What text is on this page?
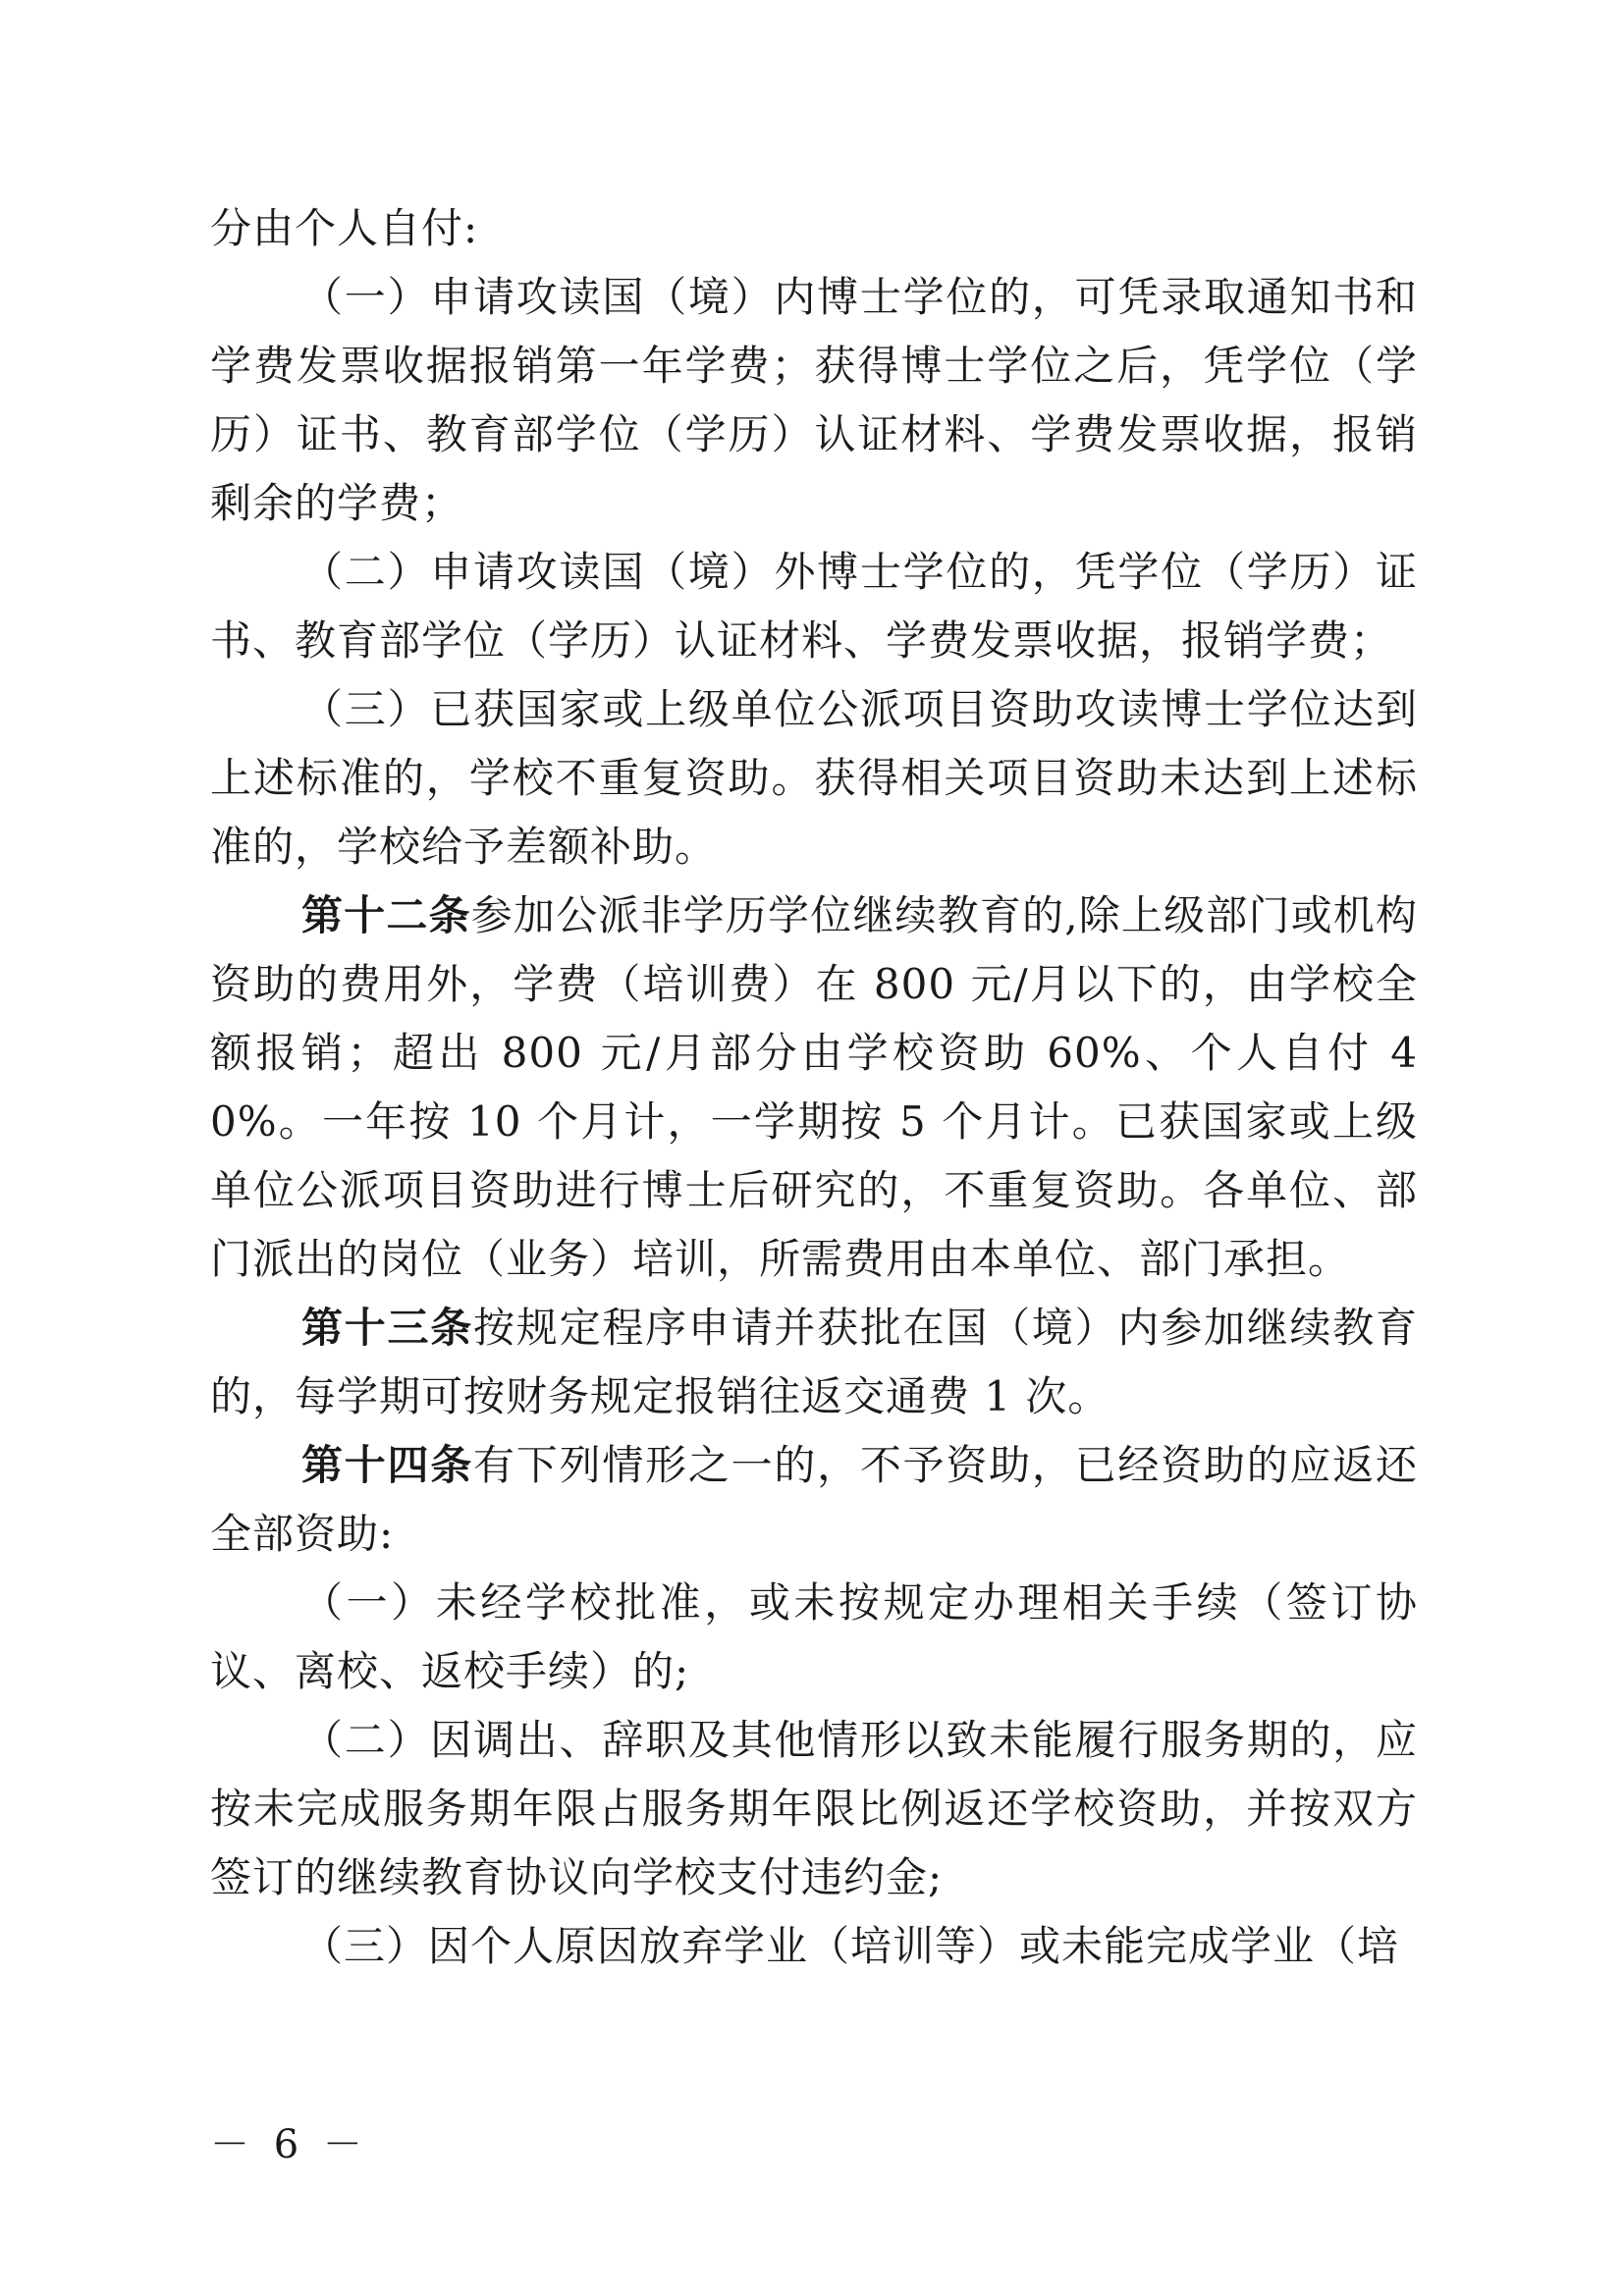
分由个人自付:

（一）申请攻读国（境）内博士学位的，可凭录取通知书和学费发票收据报销第一年学费；获得博士学位之后，凭学位（学历）证书、教育部学位（学历）认证材料、学费发票收据，报销剩余的学费；

（二）申请攻读国（境）外博士学位的，凭学位（学历）证书、教育部学位（学历）认证材料、学费发票收据，报销学费；

（三）已获国家或上级单位公派项目资助攻读博士学位达到上述标准的，学校不重复资助。获得相关项目资助未达到上述标准的，学校给予差额补助。

第十二条参加公派非学历学位继续教育的,除上级部门或机构资助的费用外，学费（培训费）在 800 元/月以下的，由学校全额报销；超出 800 元/月部分由学校资助 60%、个人自付 40%。一年按 10 个月计，一学期按 5 个月计。已获国家或上级单位公派项目资助进行博士后研究的，不重复资助。各单位、部门派出的岗位（业务）培训，所需费用由本单位、部门承担。

第十三条按规定程序申请并获批在国（境）内参加继续教育的，每学期可按财务规定报销往返交通费 1 次。

第十四条有下列情形之一的，不予资助，已经资助的应返还全部资助:

（一）未经学校批准，或未按规定办理相关手续（签订协议、离校、返校手续）的;

（二）因调出、辞职及其他情形以致未能履行服务期的，应按未完成服务期年限占服务期年限比例返还学校资助，并按双方签订的继续教育协议向学校支付违约金;

（三）因个人原因放弃学业（培训等）或未能完成学业（培

－ 6 －
